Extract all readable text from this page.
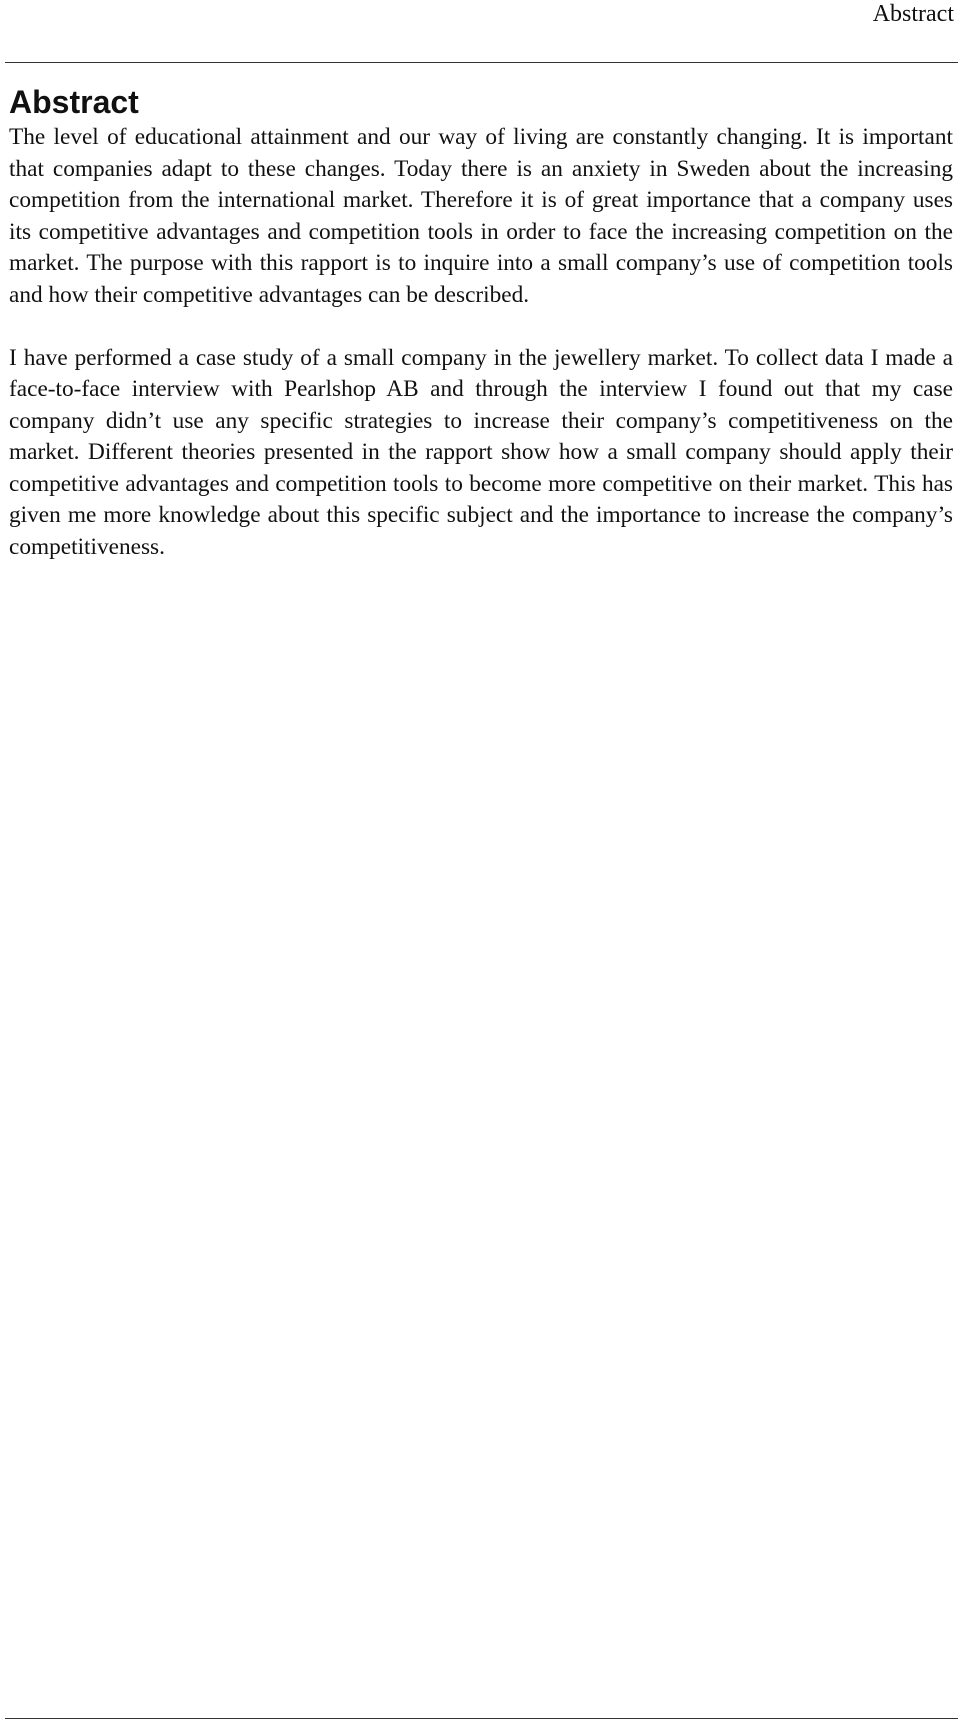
Abstract
Abstract

The level of educational attainment and our way of living are constantly changing. It is important that companies adapt to these changes. Today there is an anxiety in Sweden about the increasing competition from the international market. Therefore it is of great importance that a company uses its competitive advantages and competition tools in order to face the increasing competition on the market. The purpose with this rapport is to inquire into a small company’s use of competition tools and how their competitive advantages can be described.

I have performed a case study of a small company in the jewellery market. To collect data I made a face-to-face interview with Pearlshop AB and through the interview I found out that my case company didn’t use any specific strategies to increase their company’s competitiveness on the market. Different theories presented in the rapport show how a small company should apply their competitive advantages and competition tools to become more competitive on their market. This has given me more knowledge about this specific subject and the importance to increase the company’s competitiveness.
